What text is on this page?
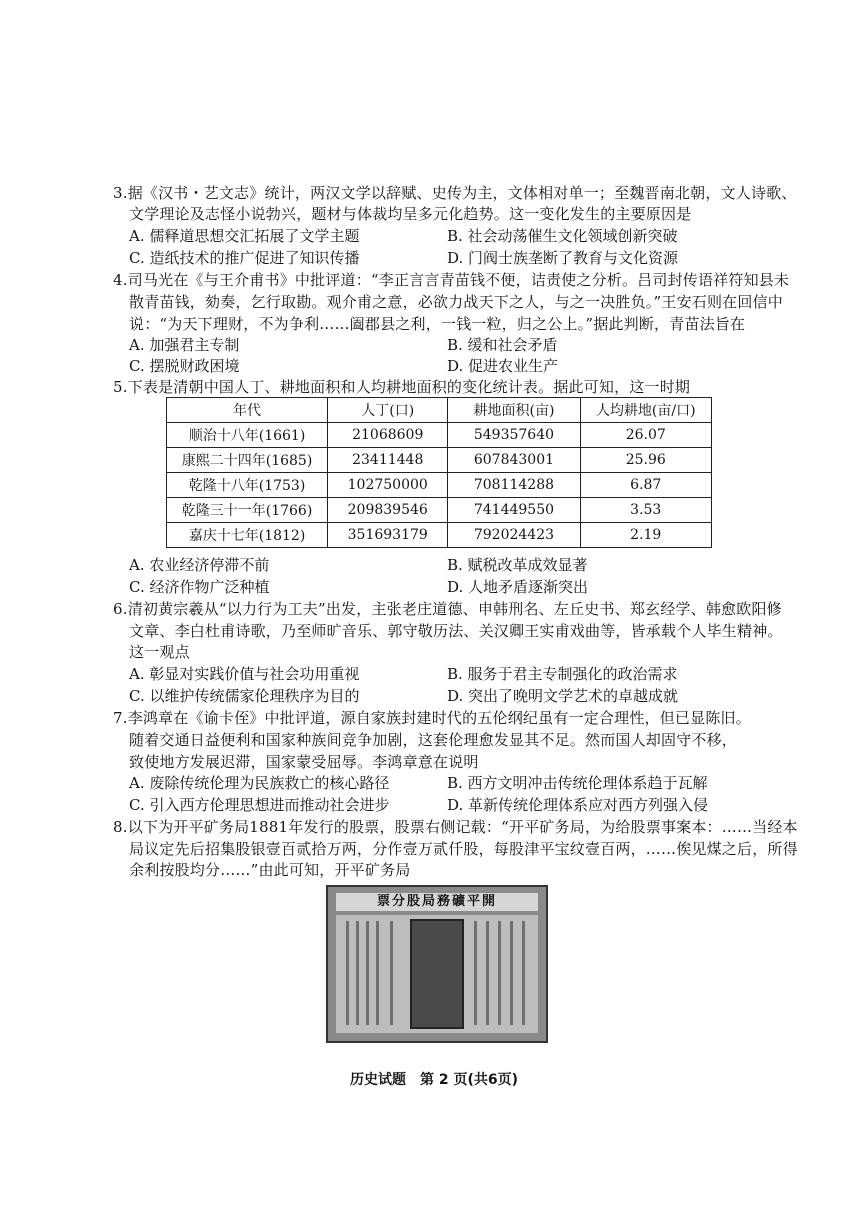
3.据《汉书・艺文志》统计，两汉文学以辞赋、史传为主，文体相对单一；至魏晋南北朝，文人诗歌、
文学理论及志怪小说勃兴，题材与体裁均呈多元化趋势。这一变化发生的主要原因是
A. 儒释道思想交汇拓展了文学主题	B. 社会动荡催生文化领域创新突破
C. 造纸技术的推广促进了知识传播	D. 门阀士族垄断了教育与文化资源
4.司马光在《与王介甫书》中批评道：“李正言言青苗钱不便，诘责使之分析。吕司封传语祥符知县未
散青苗钱，劾奏，乞行取勘。观介甫之意，必欲力战天下之人，与之一决胜负。”王安石则在回信中
说：“为天下理财，不为争利……阖郡县之利，一钱一粒，归之公上。”据此判断，青苗法旨在
A. 加强君主专制	B. 缓和社会矛盾
C. 摆脱财政困境	D. 促进农业生产
5.下表是清朝中国人丁、耕地面积和人均耕地面积的变化统计表。据此可知，这一时期
年代	人丁(口)	耕地面积(亩)	人均耕地(亩/口)
顺治十八年(1661)	21068609	549357640	26.07
康熙二十四年(1685)	23411448	607843001	25.96
乾隆十八年(1753)	102750000	708114288	6.87
乾隆三十一年(1766)	209839546	741449550	3.53
嘉庆十七年(1812)	351693179	792024423	2.19
A. 农业经济停滞不前	B. 赋税改革成效显著
C. 经济作物广泛种植	D. 人地矛盾逐渐突出
6.清初黄宗羲从“以力行为工夫”出发，主张老庄道德、申韩刑名、左丘史书、郑玄经学、韩愈欧阳修
文章、李白杜甫诗歌，乃至师旷音乐、郭守敬历法、关汉卿王实甫戏曲等，皆承载个人毕生精神。
这一观点
A. 彰显对实践价值与社会功用重视	B. 服务于君主专制强化的政治需求
C. 以维护传统儒家伦理秩序为目的	D. 突出了晚明文学艺术的卓越成就
7.李鸿章在《谕卡侄》中批评道，源自家族封建时代的五伦纲纪虽有一定合理性，但已显陈旧。
随着交通日益便利和国家种族间竞争加剧，这套伦理愈发显其不足。然而国人却固守不移，
致使地方发展迟滞，国家蒙受屈辱。李鸿章意在说明
A. 废除传统伦理为民族救亡的核心路径	B. 西方文明冲击传统伦理体系趋于瓦解
C. 引入西方伦理思想进而推动社会进步	D. 革新传统伦理体系应对西方列强入侵
8.以下为开平矿务局1881年发行的股票，股票右侧记载：“开平矿务局，为给股票事案本：……当经本
局议定先后招集股银壹百贰拾万两，分作壹万贰仟股，每股津平宝纹壹百两，……俟见煤之后，所得
余利按股均分……”由此可知，开平矿务局
票分股局務礦平開
历史试题　第 2 页(共6页)
